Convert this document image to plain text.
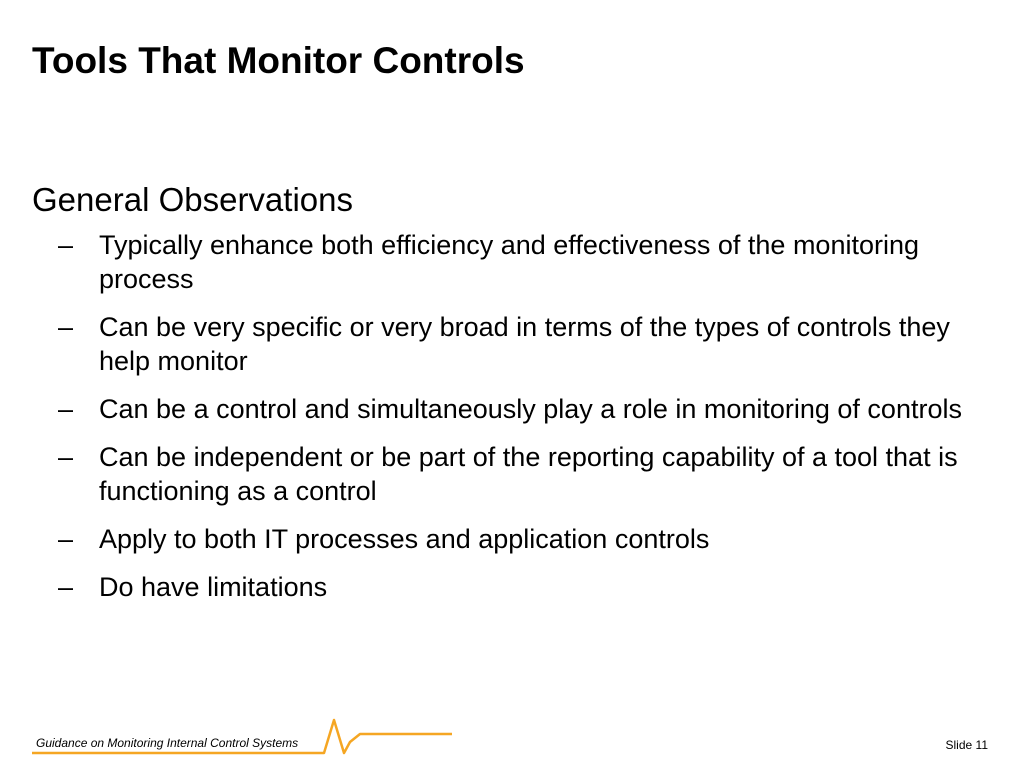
Tools That Monitor Controls

General Observations

– Typically enhance both efficiency and effectiveness of the monitoring process
– Can be very specific or very broad in terms of the types of controls they help monitor
– Can be a control and simultaneously play a role in monitoring of controls
– Can be independent or be part of the reporting capability of a tool that is functioning as a control
– Apply to both IT processes and application controls
– Do have limitations
Guidance on Monitoring Internal Control Systems	Slide 11
